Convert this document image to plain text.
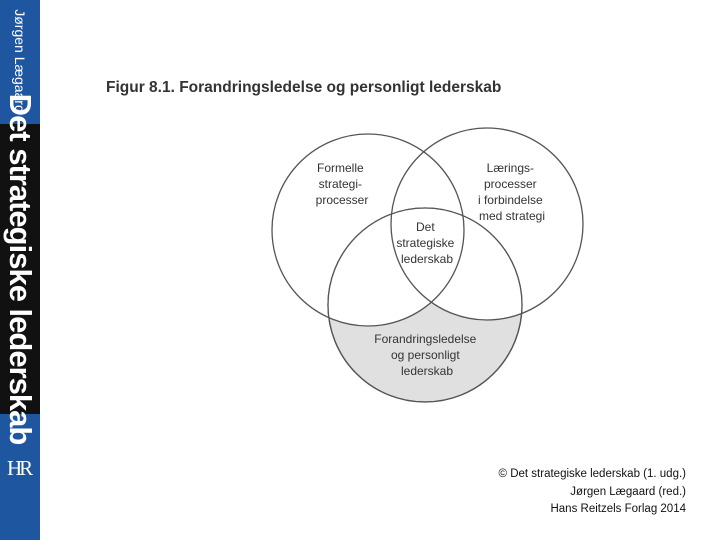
Jørgen Lægaard
Det strategiske lederskab
HR
Figur 8.1. Forandringsledelse og personligt lederskab
Formelle strategi- processer
Lærings- processer i forbindelse med strategi
Det strategiske lederskab
Forandringsledelse og personligt lederskab
© Det strategiske lederskab (1. udg.)
Jørgen Lægaard (red.)
Hans Reitzels Forlag 2014
